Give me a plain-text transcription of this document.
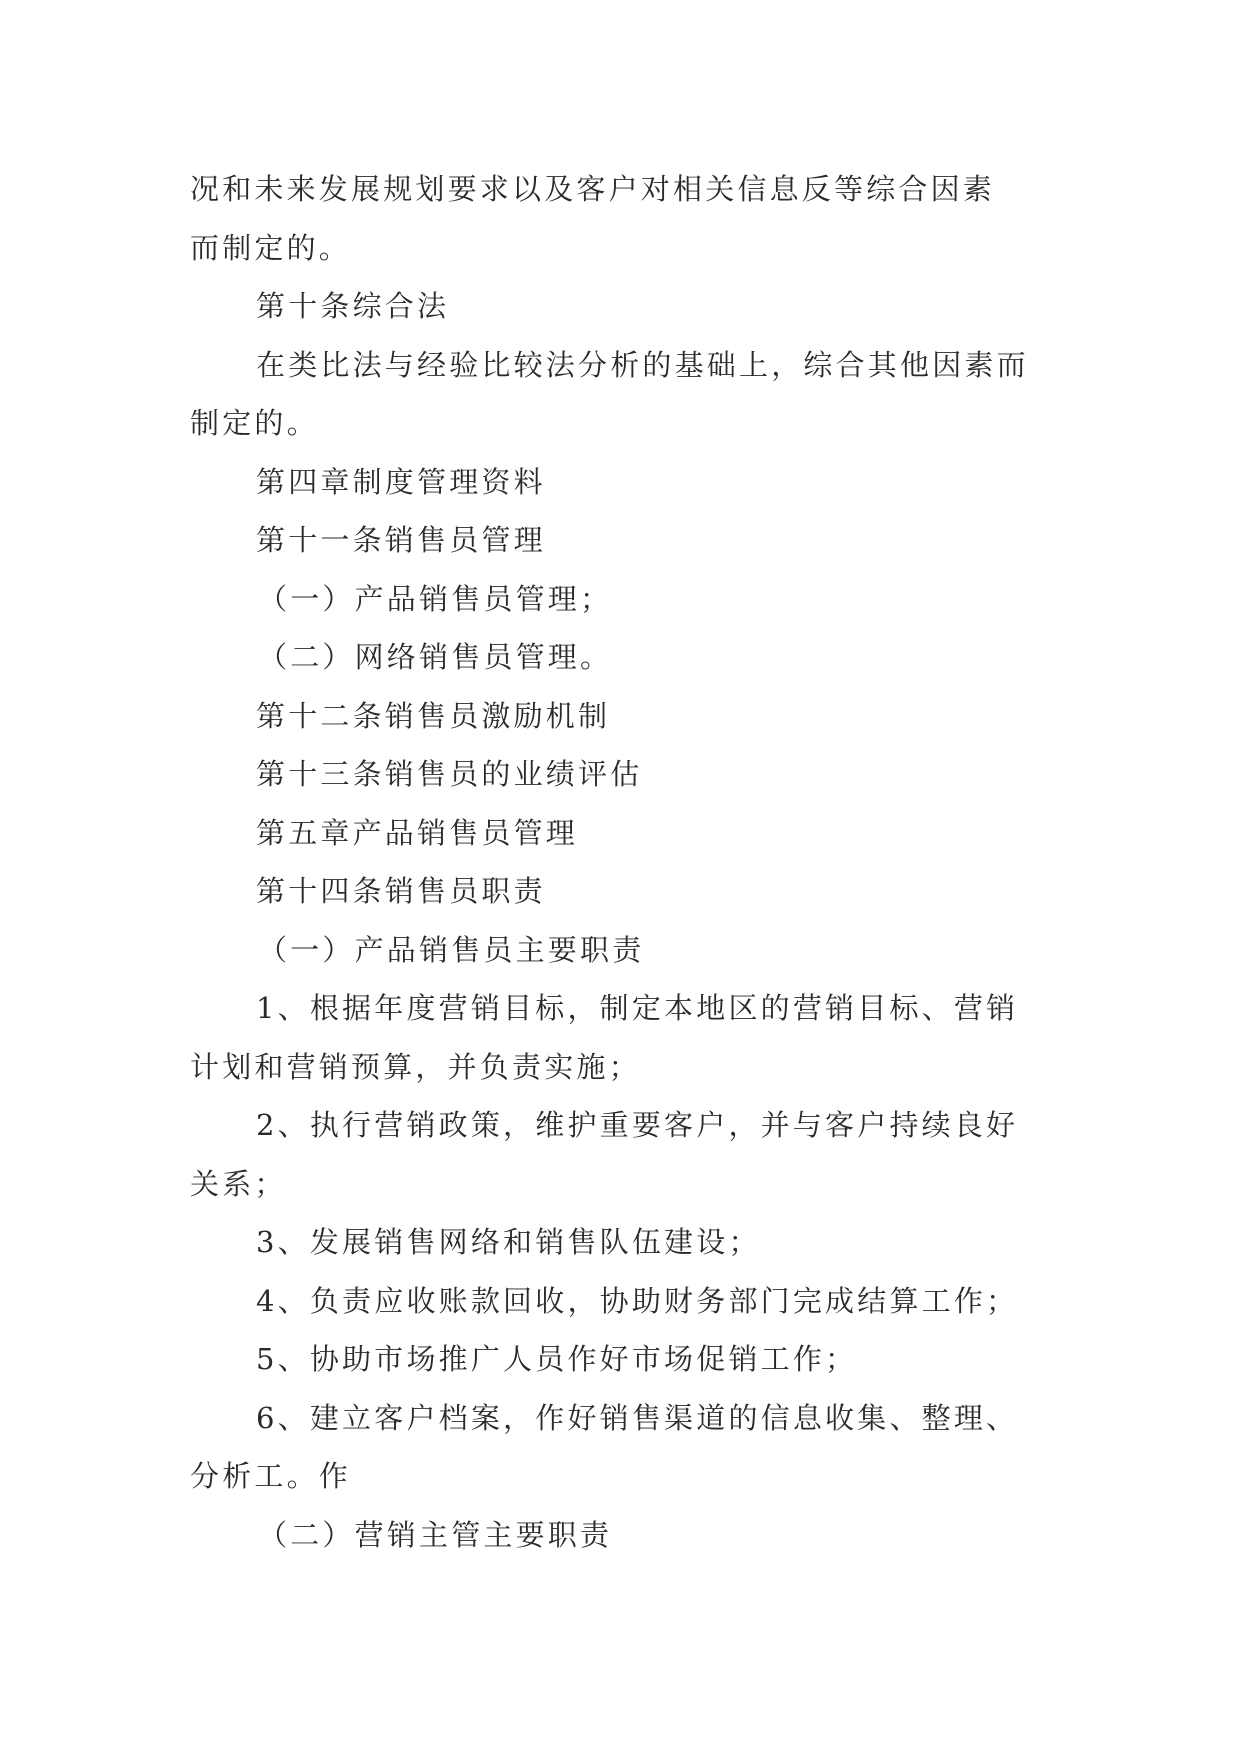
况和未来发展规划要求以及客户对相关信息反等综合因素
而制定的。
第十条综合法
在类比法与经验比较法分析的基础上，综合其他因素而
制定的。
第四章制度管理资料
第十一条销售员管理
（一）产品销售员管理；
（二）网络销售员管理。
第十二条销售员激励机制
第十三条销售员的业绩评估
第五章产品销售员管理
第十四条销售员职责
（一）产品销售员主要职责
1、根据年度营销目标，制定本地区的营销目标、营销
计划和营销预算，并负责实施；
2、执行营销政策，维护重要客户，并与客户持续良好
关系；
3、发展销售网络和销售队伍建设；
4、负责应收账款回收，协助财务部门完成结算工作；
5、协助市场推广人员作好市场促销工作；
6、建立客户档案，作好销售渠道的信息收集、整理、
分析工。作
（二）营销主管主要职责
